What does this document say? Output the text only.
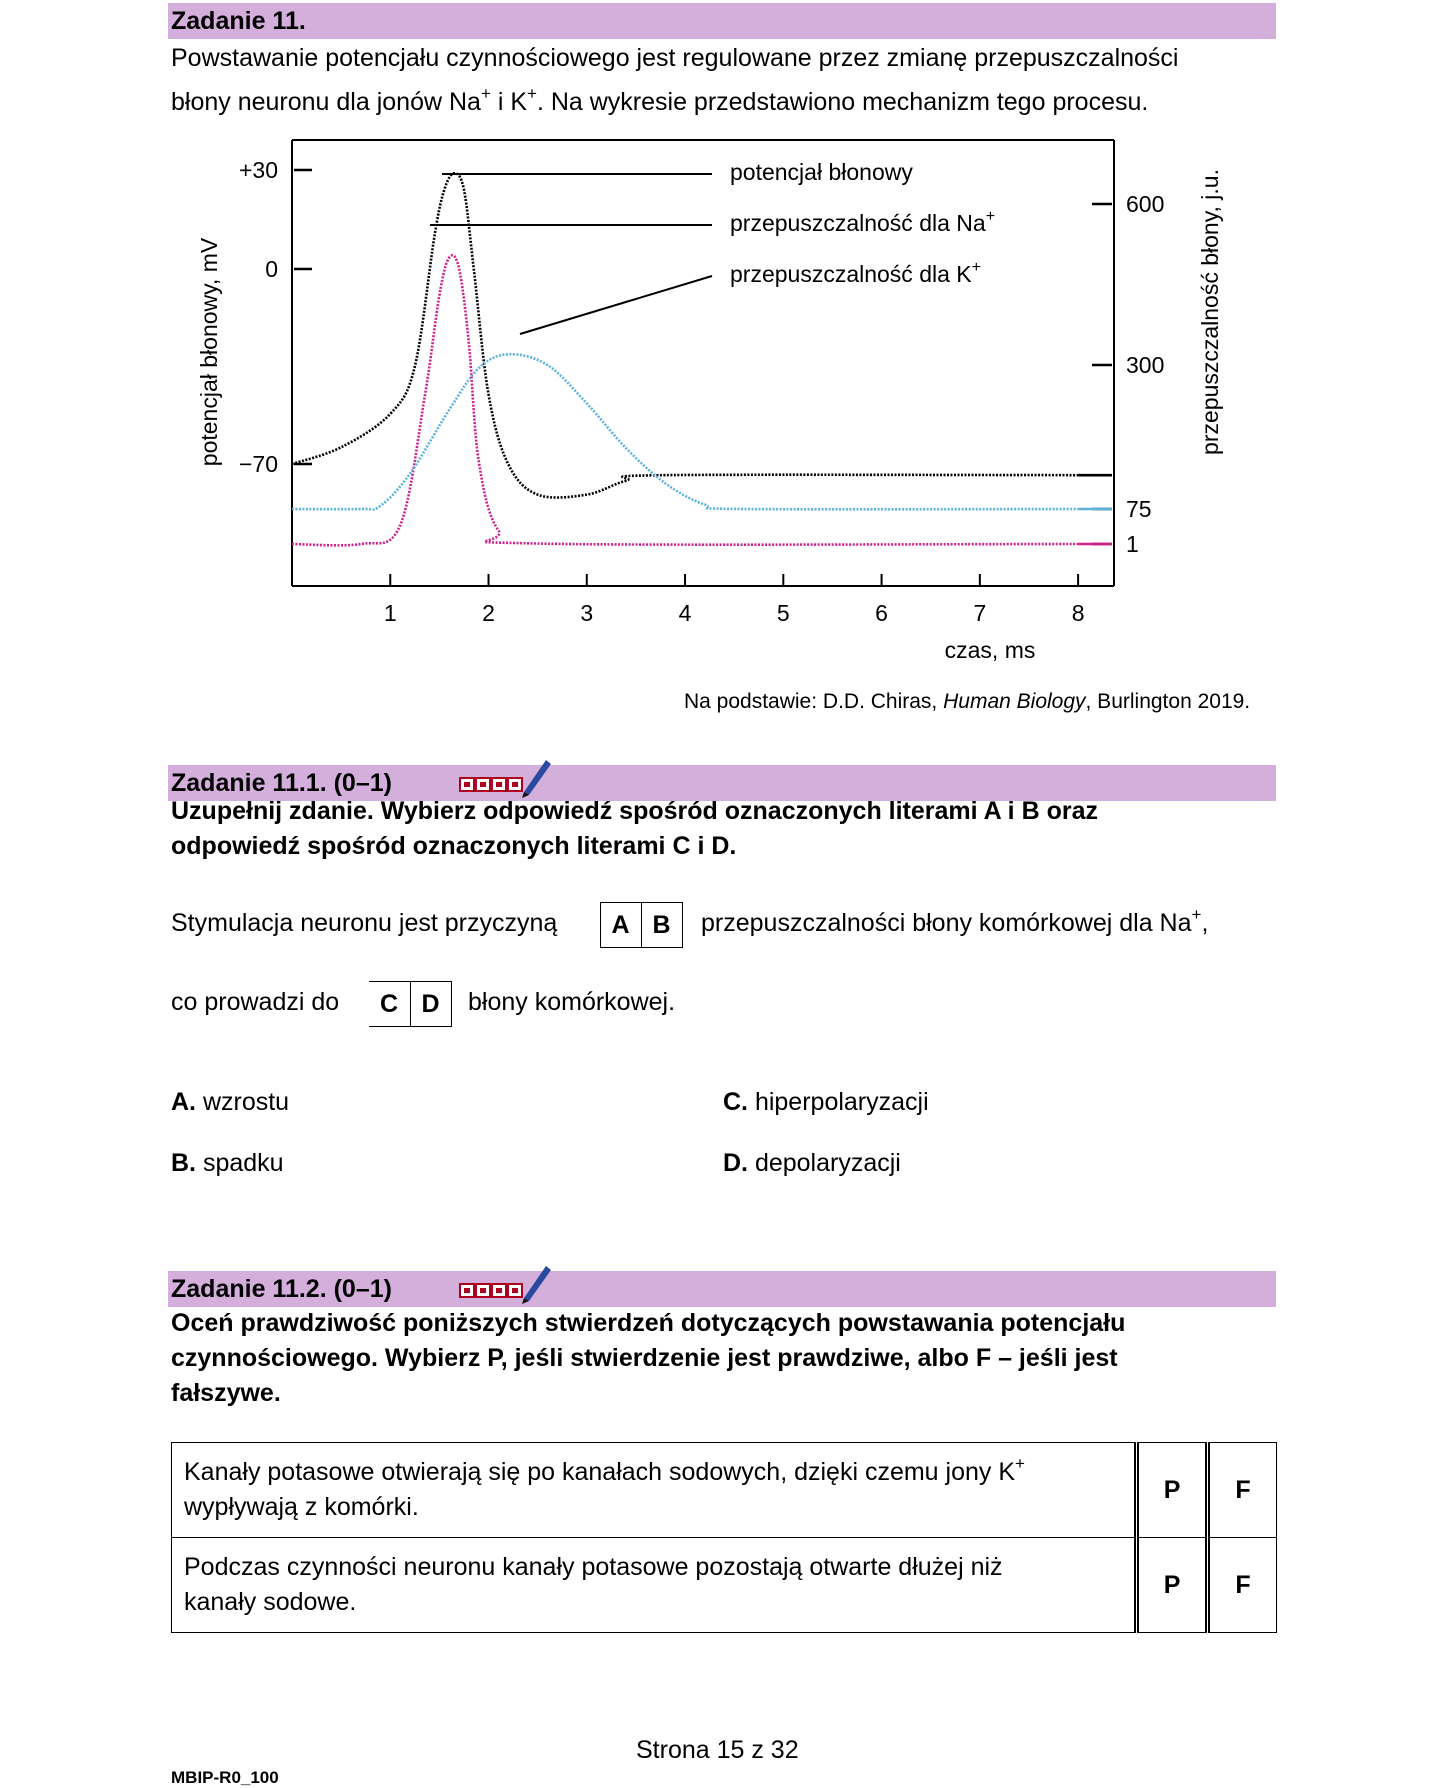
Zadanie 11.
Powstawanie potencjału czynnościowego jest regulowane przez zmianę przepuszczalności
błony neuronu dla jonów Na+ i K+. Na wykresie przedstawiono mechanizm tego procesu.
1	2	3	4	5	6	7	8
czas, ms
+30
0
−70
potencjał błonowy, mV
600
300
75
1
przepuszczalność błony, j.u.
potencjał błonowy
przepuszczalność dla Na+
przepuszczalność dla K+
Na podstawie: D.D. Chiras, Human Biology, Burlington 2019.
Zadanie 11.1. (0–1)
Uzupełnij zdanie. Wybierz odpowiedź spośród oznaczonych literami A i B oraz
odpowiedź spośród oznaczonych literami C i D.
Stymulacja neuronu jest przyczyną	A B	przepuszczalności błony komórkowej dla Na+,
co prowadzi do	C D	błony komórkowej.
A. wzrostu
B. spadku
C. hiperpolaryzacji
D. depolaryzacji
Zadanie 11.2. (0–1)
Oceń prawdziwość poniższych stwierdzeń dotyczących powstawania potencjału
czynnościowego. Wybierz P, jeśli stwierdzenie jest prawdziwe, albo F – jeśli jest
fałszywe.
Kanały potasowe otwierają się po kanałach sodowych, dzięki czemu jony K+
wypływają z komórki.	P	F
Podczas czynności neuronu kanały potasowe pozostają otwarte dłużej niż
kanały sodowe.	P	F
Strona 15 z 32
MBIP-R0_100
